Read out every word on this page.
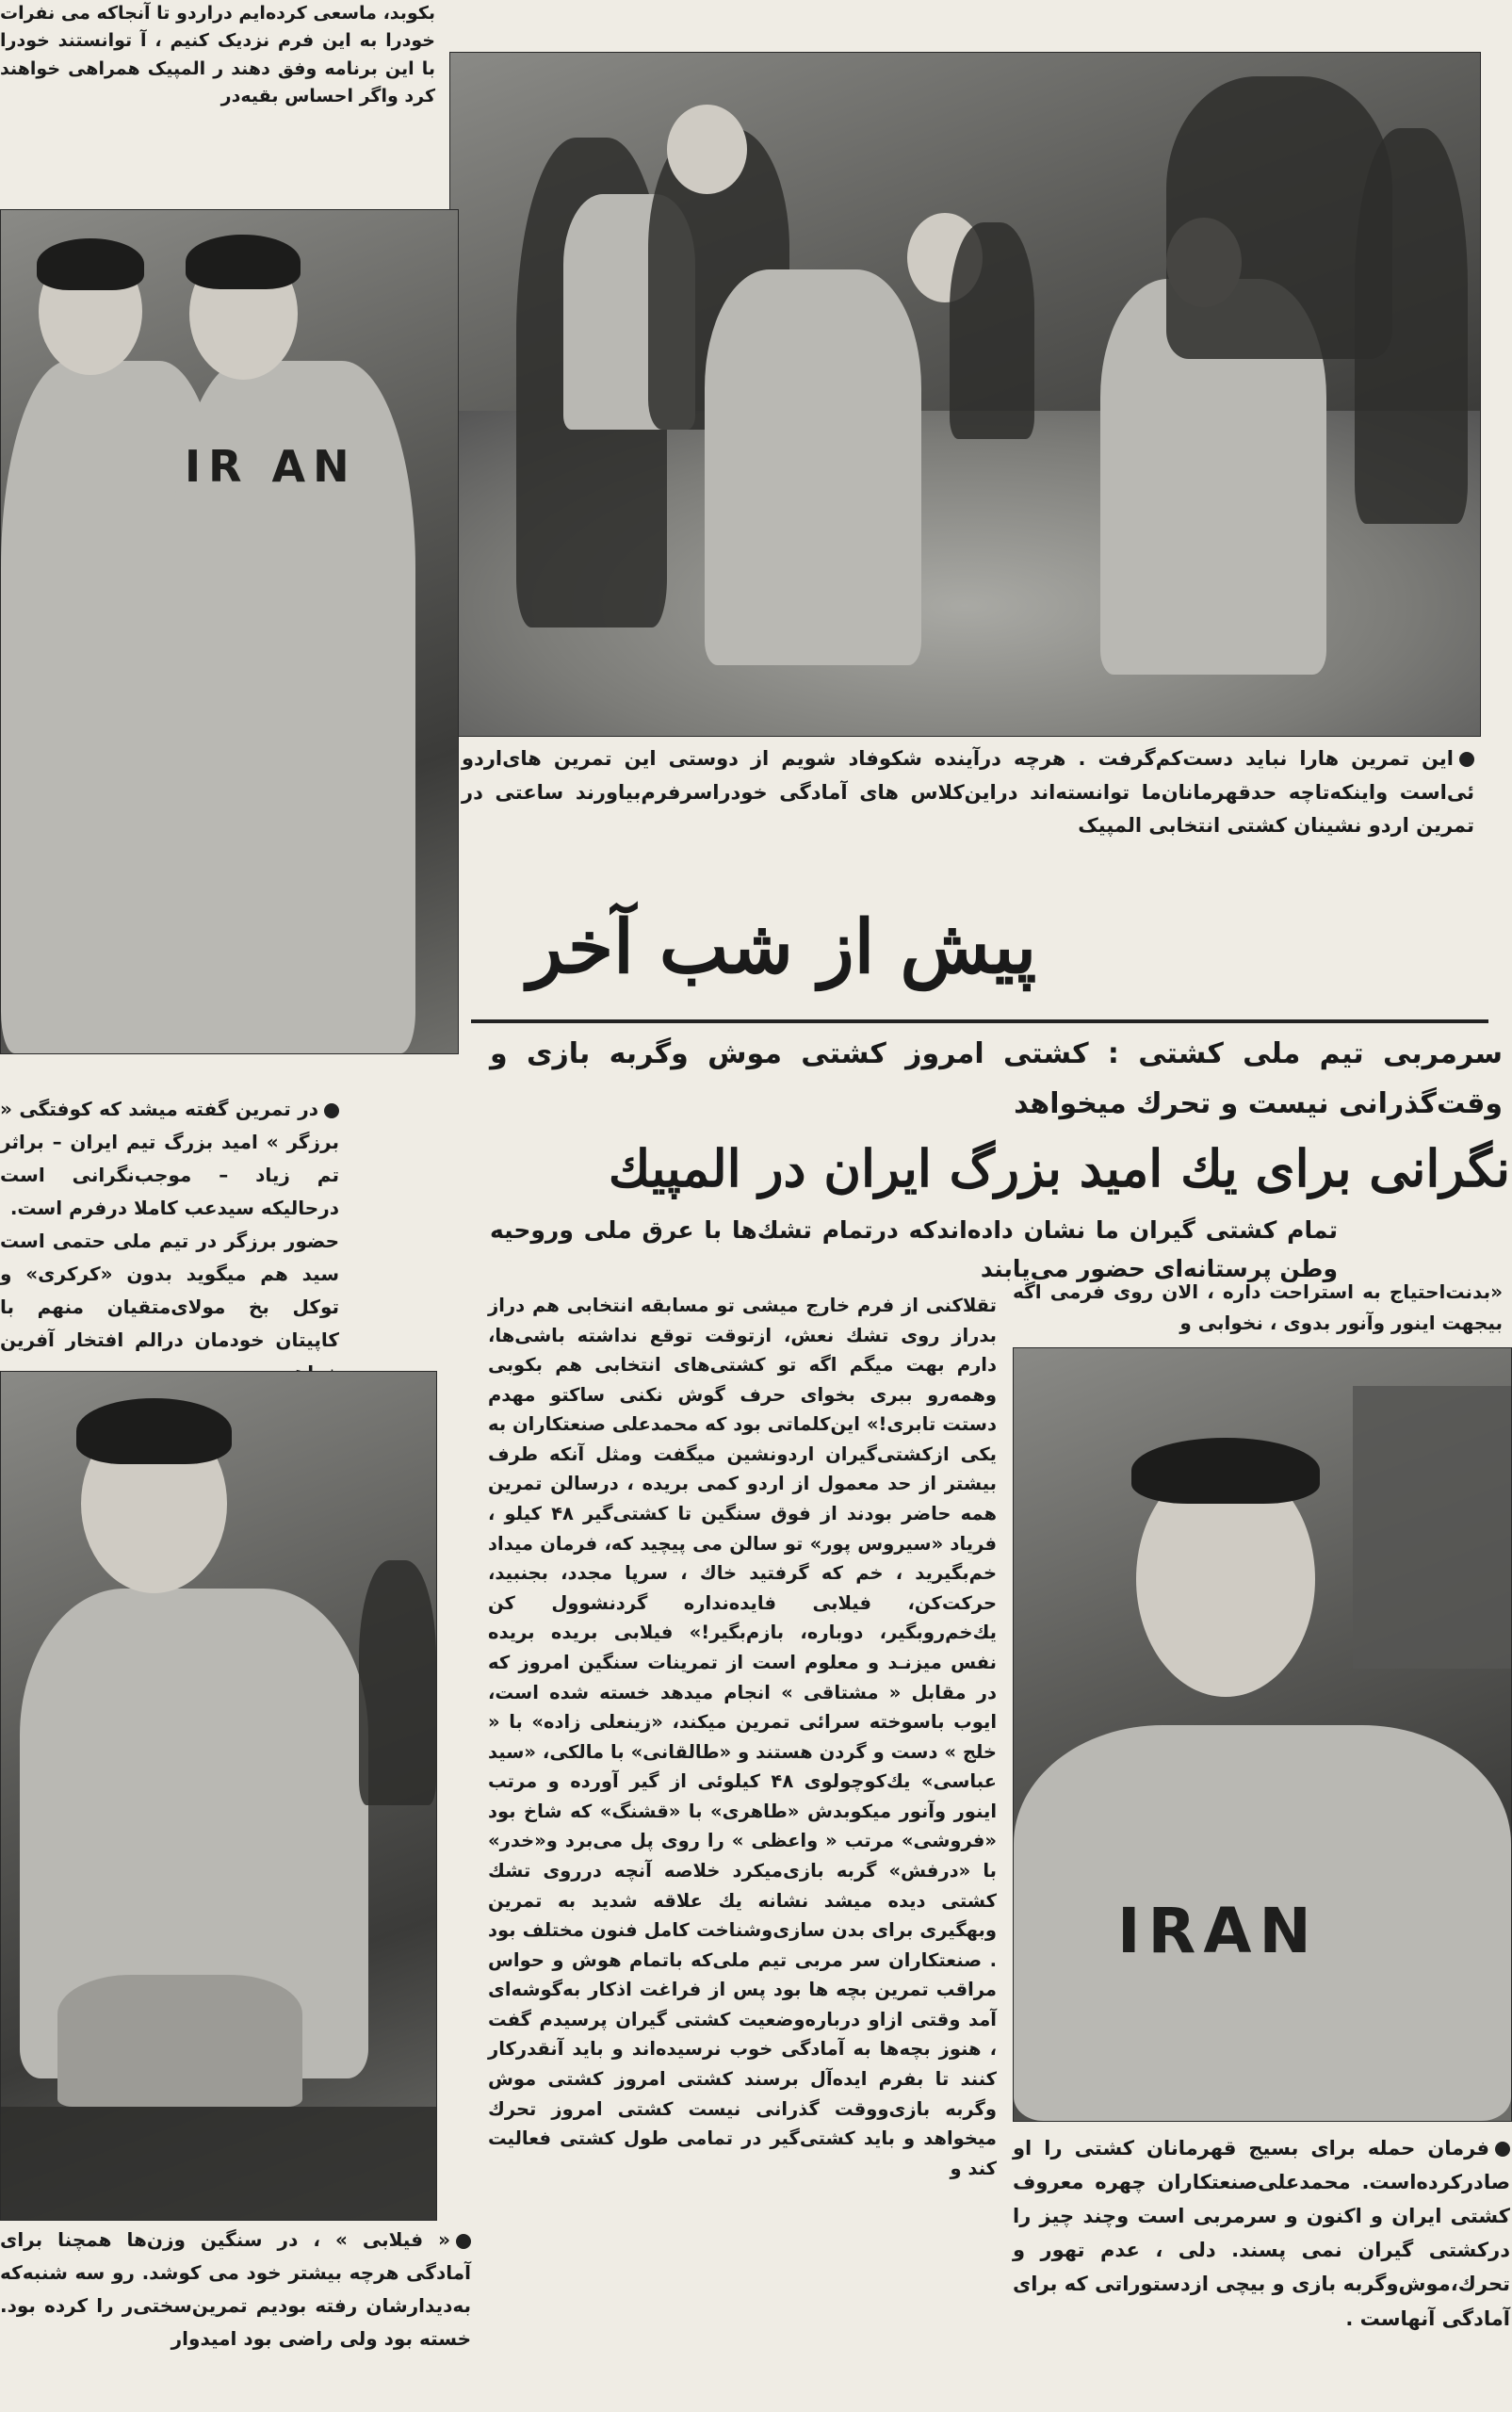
بکوبد، ماسعی کرده‌ایم دراردو تا آنجاکه می نفرات خودرا به این فرم نزدیک کنیم ، آ توانستند خودرا با این برنامه وفق دهند ر المپیک همراهی خواهند کرد واگر احساس بقیه‌در
این تمرین هارا نباید دست‌کم‌گرفت . هرچه درآینده شکوفاد شویم از دوستی این تمرین های‌اردو ئی‌است واینکه‌تاچه حدقهرمانان‌ما توانسته‌اند دراین‌کلاس های آمادگی خودراسرفرم‌بیاورند ساعتی در تمرین اردو نشینان کشتی انتخابی المپیک
IR AN
در تمرین گفته میشد که کوفتگی « برزگر » امید بزرگ تیم ایران – براثر تم زیاد – موجب‌نگرانی است درحالیکه سیدعب کاملا درفرم است.
حضور برزگر در تیم ملی حتمی است سید هم میگوید بدون «کرکری» و توکل بخ مولای‌متقیان منهم با کاپیتان خودمان درالم افتخار آفرین
پیش از شب آخر
سرمربی تیم ملی کشتی : کشتی امروز کشتی موش وگربه بازی و وقت‌گذرانی نیست و تحرك میخواهد
نگرانی برای یك امید بزرگ ایران در المپیك
تمام کشتی گیران ما نشان داده‌اندکه درتمام تشك‌ها با عرق ملی وروحیه وطن پرستانه‌ای حضور می‌یابند
«بدنت‌احتیاج به استراحت داره ، الان روی فرمی اگه بیجهت اینور وآنور بدوی ، نخوابی و
تقلاکنی از فرم خارج میشی تو مسابقه انتخابی هم دراز بدراز روی تشك نعش، ازتوقت توقع نداشته باشی‌ها، دارم بهت میگم اگه تو کشتی‌های انتخابی هم بکوبی وهمه‌رو ببری بخوای حرف گوش نکنی ساکتو مهدم دستت تابری‌!» این‌کلماتی بود که محمدعلی صنعتکاران به یکی ازکشتی‌گیران اردونشین میگفت ومثل آنکه طرف بیشتر از حد معمول از اردو کمی بریده ، درسالن تمرین همه حاضر بودند از فوق سنگین تا کشتی‌گیر ۴۸ کیلو ، فریاد «سیروس پور» تو سالن می پیچید که، فرمان میداد خم‌بگیرید ، خم که گرفتید خاك ، سرپا مجدد، بجنبید، حرکت‌کن، فیلابی فایده‌نداره گردنشوول کن یك‌خم‌روبگیر، دوباره، بازم‌بگیر!» فیلابی بریده بریده نفس میزنـد و معلوم است از تمرینات سنگین امروز که در مقابل « مشتاقی » انجام میدهد خسته شده است، ایوب باسوخته سرائی تمرین میکند، «زینعلی زاده» با « خلج » دست و گردن هستند و «طالقانی» با مالکی، «سید عباسی» یك‌کوچولوی ۴۸ کیلوئی از گیر آورده و مرتب اینور وآنور میکوبدش «طاهری» با «قشنگ» که شاخ بود «فروشی» مرتب « واعظی » را روی پل می‌برد و«خدر» با «درفش» گربه بازی‌میکرد خلاصه آنچه درروی تشك کشتی دیده میشد نشانه یك علاقه شدید به تمرین وبهگیری برای بدن سازی‌وشناخت کامل فنون مختلف بود . صنعتکاران سر مربی تیم ملی‌که باتمام هوش و حواس مراقب تمرین بچه ها بود پس از فراغت اذکار به‌گوشه‌ای آمد وقتی ازاو درباره‌وضعیت کشتی گیران پرسیدم گفت ، هنوز بچه‌ها به آمادگی خوب نرسیده‌اند و باید آنقدر‌کار کنند تا بفرم‌ ایده‌آل برسند کشتی امروز کشتی موش وگربه بازی‌ووقت گذرانی نیست کشتی امروز تحرك میخواهد و باید کشتی‌گیر در تمامی طول کشتی فعالیت کند و
« فیلابی » ، در سنگین وزن‌ها همچنا برای آمادگی هرچه بیشتر خود می کوشد. رو سه شنبه‌که به‌دیدارشان رفته بودیم تمرین‌سختی‌ر را کرده بود. خسته بود ولی راضی بود امیدوار
IRAN
فرمان حمله برای بسیج قهرمانان کشتی را او صادرکرده‌است. محمدعلی‌صنعتکاران چهره معروف کشتی ایران و اکنون و سرمربی است وچند چیز را درکشتی گیران نمی پسند. دلی ، عدم تهور و تحرك،موش‌وگربه بازی و بیچی ازدستوراتی که برای آمادگی آنهاست .
